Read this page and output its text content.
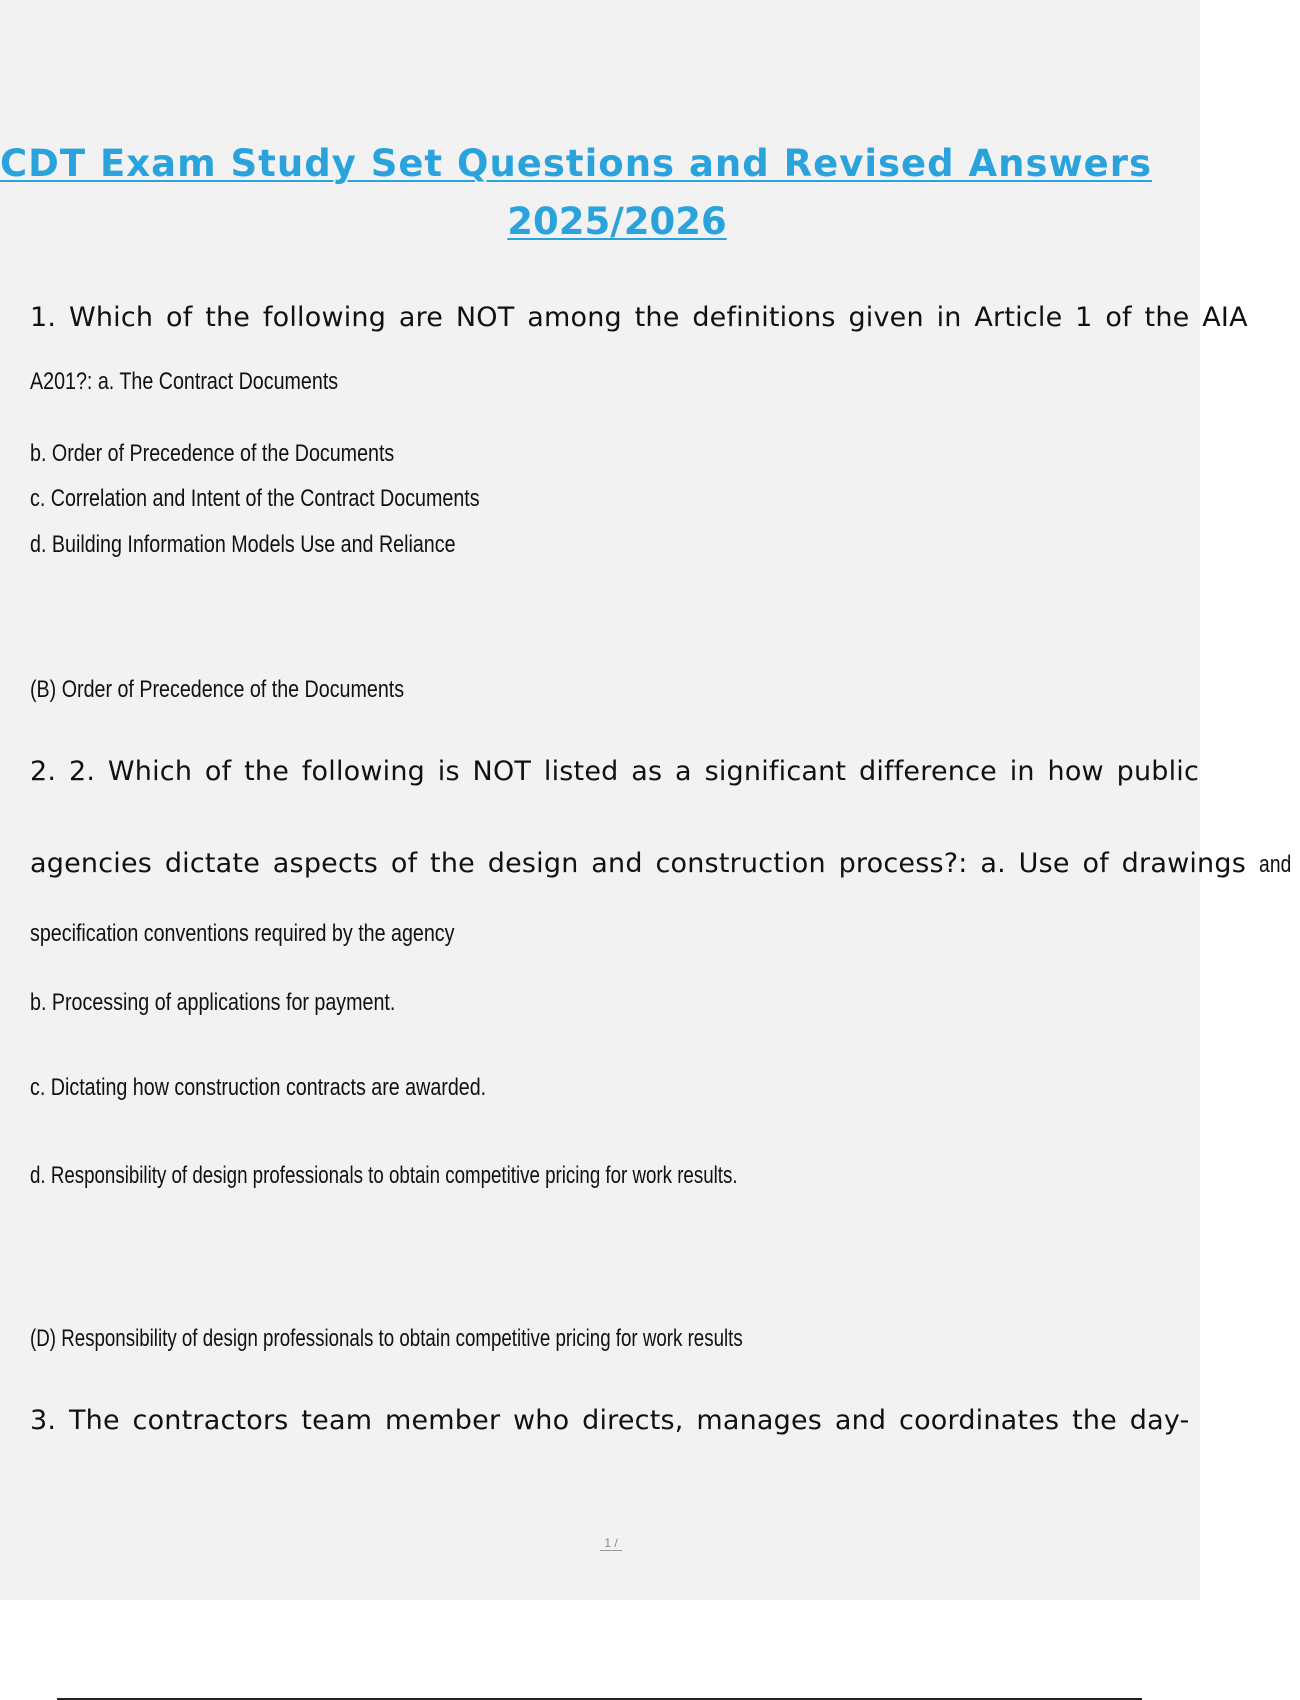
CDT Exam Study Set Questions and Revised Answers
2025/2026

1. Which of the following are NOT among the definitions given in Article 1 of the AIA

A201?: a. The Contract Documents

b. Order of Precedence of the Documents

c. Correlation and Intent of the Contract Documents

d. Building Information Models Use and Reliance

(B) Order of Precedence of the Documents

2. 2. Which of the following is NOT listed as a significant difference in how public

agencies dictate aspects of the design and construction process?: a. Use of drawings and

specification conventions required by the agency

b. Processing of applications for payment.

c. Dictating how construction contracts are awarded.

d. Responsibility of design professionals to obtain competitive pricing for work results.

(D) Responsibility of design professionals to obtain competitive pricing for work results

3. The contractors team member who directs, manages and coordinates the day-

1 /
